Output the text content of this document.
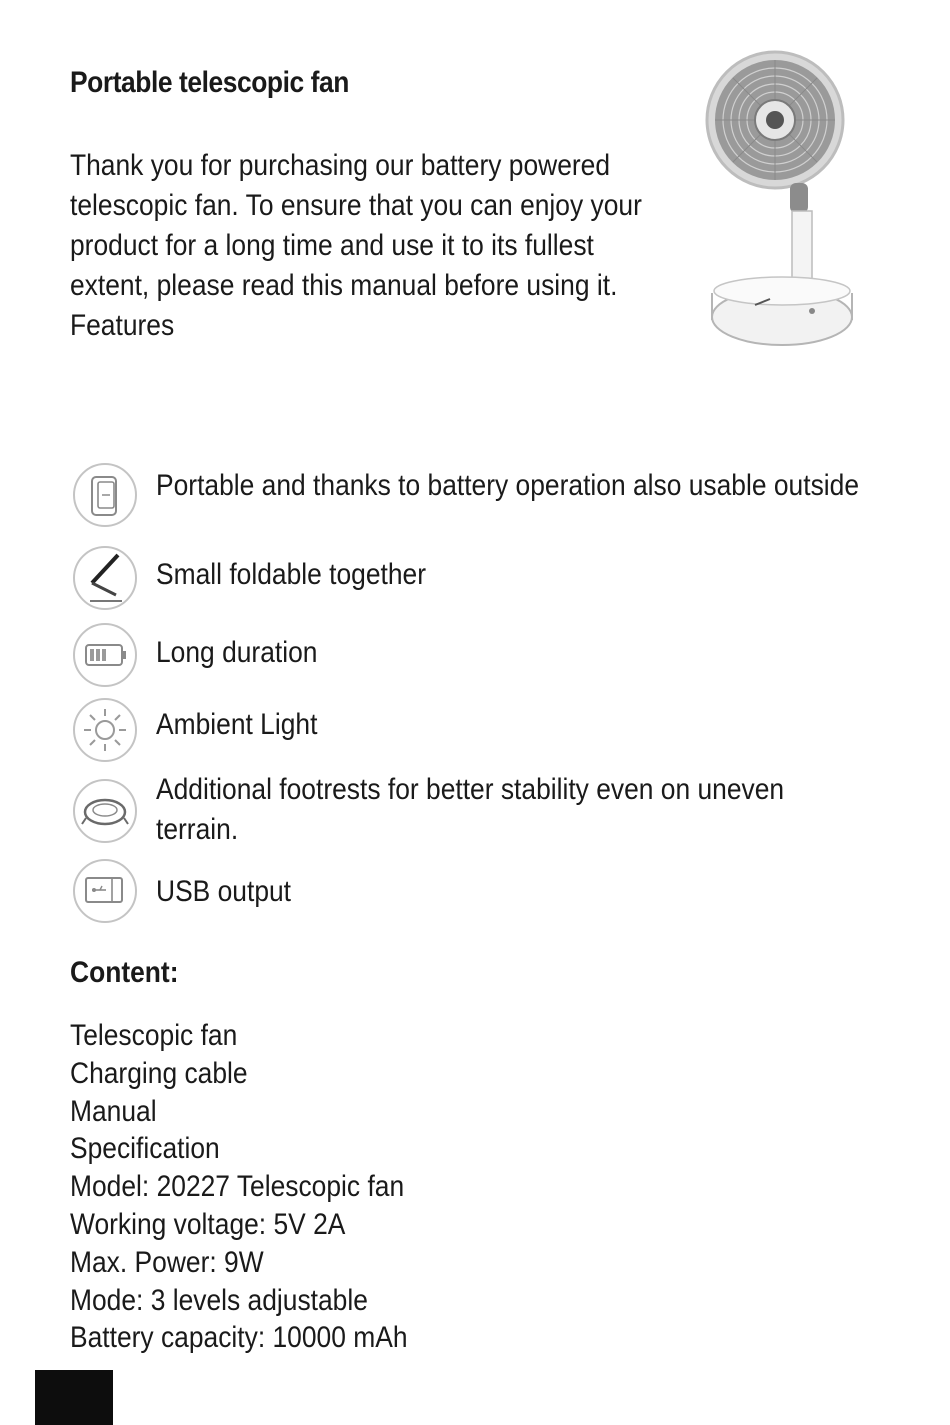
Portable telescopic fan

Thank you for purchasing our battery powered

telescopic fan. To ensure that you can enjoy your

product for a long time and use it to its fullest

extent, please read this manual before using it.

Features

Portable and thanks to battery operation also usable outside
Small foldable together
Long duration
Ambient Light
Additional footrests for better stability even on uneven
terrain.
USB output
Content:
Telescopic fan
Charging cable
Manual
Specification
Model: 20227 Telescopic fan
Working voltage: 5V 2A
Max. Power: 9W
Mode: 3 levels adjustable
Battery capacity: 10000 mAh
